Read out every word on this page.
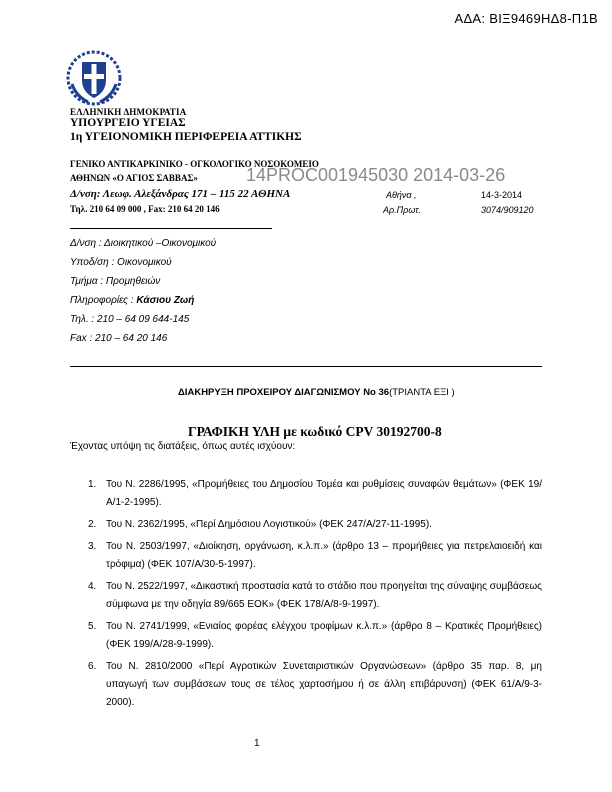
ΑΔΑ: ΒΙΞ9469ΗΔ8-Π1Β
ΕΛΛΗΝΙΚΗ ΔΗΜΟΚΡΑΤΙΑ
ΥΠΟΥΡΓΕΙΟ ΥΓΕΙΑΣ
1η ΥΓΕΙΟΝΟΜΙΚΗ ΠΕΡΙΦΕΡΕΙΑ ΑΤΤΙΚΗΣ
ΓΕΝΙΚΟ ΑΝΤΙΚΑΡΚΙΝΙΚΟ - ΟΓΚΟΛΟΓΙΚΟ ΝΟΣΟΚΟΜΕΙΟ
ΑΘΗΝΩΝ «Ο ΑΓΙΟΣ ΣΑΒΒΑΣ»	14PROC001945030 2014-03-26
Δ/νση: Λεωφ. Αλεξάνδρας 171 – 115 22 ΑΘΗΝΑ
Τηλ. 210 64 09 000 , Fax: 210 64 20 146
Αθήνα ,	14-3-2014
Αρ.Πρωτ.	3074/909120
Δ/νση : Διοικητικού –Οικονομικού
Υποδ/ση : Οικονομικού
Τμήμα : Προμηθειών
Πληροφορίες : Κάσιου Ζωή
Τηλ. : 210 – 64 09 644-145
Fax : 210 – 64 20 146
ΔΙΑΚΗΡΥΞΗ ΠΡΟΧΕΙΡΟΥ ΔΙΑΓΩΝΙΣΜΟΥ Νο 36(ΤΡΙΑΝΤΑ ΕΞΙ )
ΓΡΑΦΙΚΗ ΥΛΗ με κωδικό CPV 30192700-8
Έχοντας υπόψη τις διατάξεις, όπως αυτές ισχύουν:
1. Του Ν. 2286/1995, «Προμήθειες του Δημοσίου Τομέα και ρυθμίσεις συναφών θεμάτων» (ΦΕΚ 19/Α/1-2-1995).
2. Του Ν. 2362/1995, «Περί Δημόσιου Λογιστικού» (ΦΕΚ 247/Α/27-11-1995).
3. Του Ν. 2503/1997, «Διοίκηση, οργάνωση, κ.λ.π.» (άρθρο 13 – προμήθειες για πετρελαιοειδή και τρόφιμα) (ΦΕΚ 107/Α/30-5-1997).
4. Του Ν. 2522/1997, «Δικαστική προστασία κατά το στάδιο που προηγείται της σύναψης συμβάσεως σύμφωνα με την οδηγία 89/665 ΕΟΚ» (ΦΕΚ 178/Α/8-9-1997).
5. Του Ν. 2741/1999, «Ενιαίος φορέας ελέγχου τροφίμων κ.λ.π.» (άρθρο 8 – Κρατικές Προμήθειες) (ΦΕΚ 199/Α/28-9-1999).
6. Του Ν. 2810/2000 «Περί Αγροτικών Συνεταιριστικών Οργανώσεων» (άρθρο 35 παρ. 8, μη υπαγωγή των συμβάσεων τους σε τέλος χαρτοσήμου ή σε άλλη επιβάρυνση) (ΦΕΚ 61/Α/9-3-2000).
1
